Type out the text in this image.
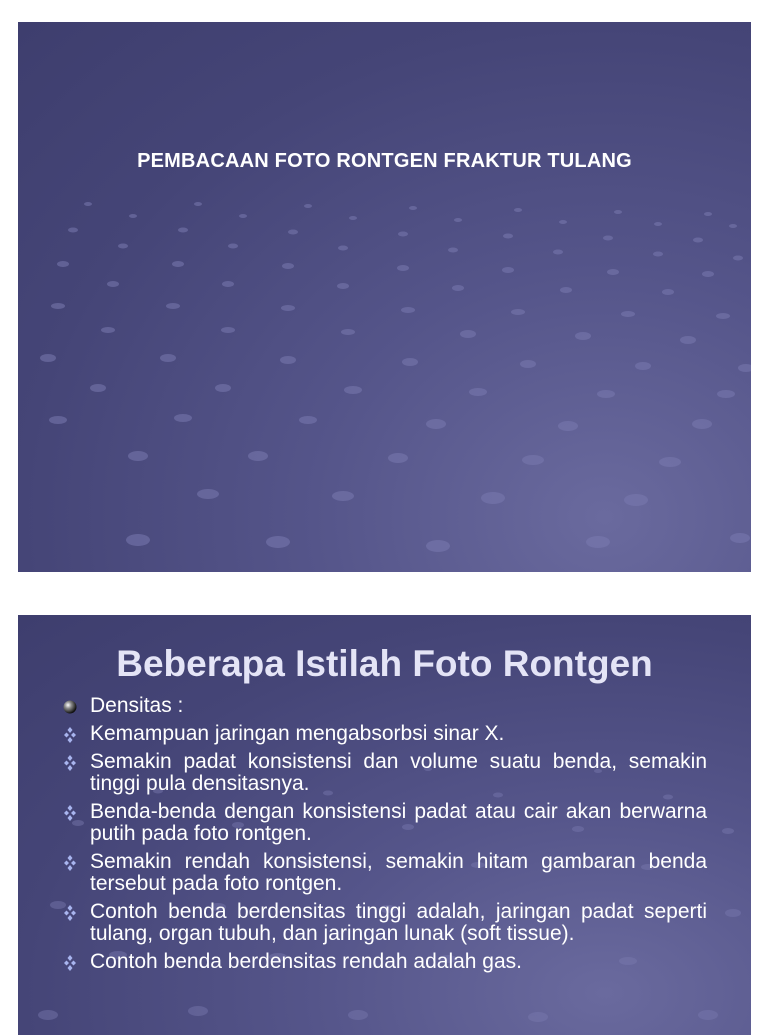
PEMBACAAN FOTO RONTGEN FRAKTUR TULANG
Beberapa Istilah Foto Rontgen
Densitas :
Kemampuan jaringan mengabsorbsi sinar X.
Semakin padat konsistensi dan volume suatu benda, semakin tinggi pula densitasnya.
Benda-benda dengan konsistensi padat atau cair akan berwarna putih pada foto rontgen.
Semakin rendah konsistensi, semakin hitam gambaran benda tersebut pada foto rontgen.
Contoh benda berdensitas tinggi adalah, jaringan padat seperti tulang, organ tubuh, dan jaringan lunak (soft tissue).
Contoh benda berdensitas rendah adalah gas.
